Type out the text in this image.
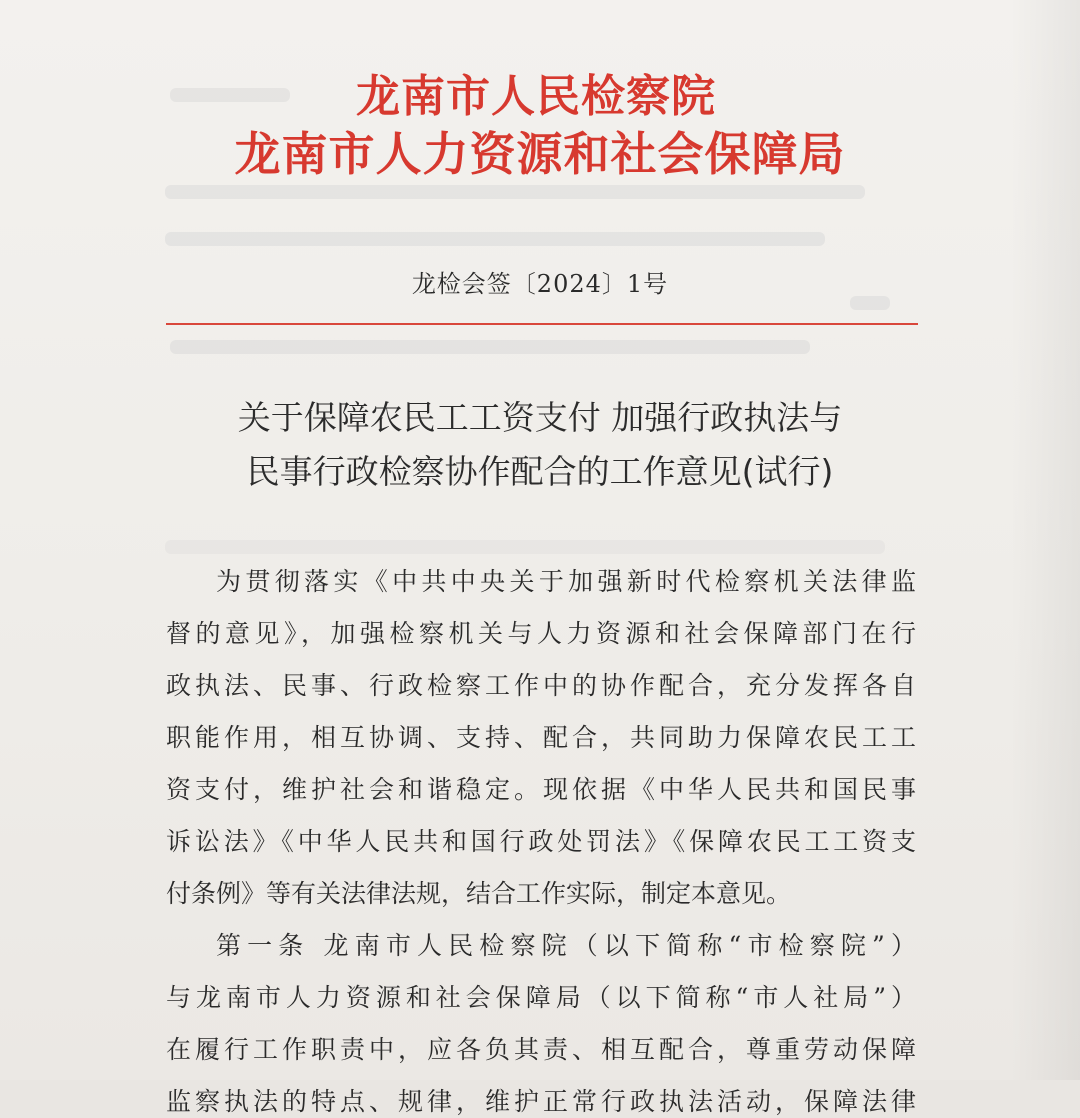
龙南市人民检察院
龙南市人力资源和社会保障局
龙检会签〔2024〕1号
关于保障农民工工资支付 加强行政执法与
民事行政检察协作配合的工作意见(试行)
为贯彻落实《中共中央关于加强新时代检察机关法律监
督的意见》，加强检察机关与人力资源和社会保障部门在行
政执法、民事、行政检察工作中的协作配合，充分发挥各自
职能作用，相互协调、支持、配合，共同助力保障农民工工
资支付，维护社会和谐稳定。现依据《中华人民共和国民事
诉讼法》《中华人民共和国行政处罚法》《保障农民工工资支
付条例》等有关法律法规，结合工作实际，制定本意见。
第一条 龙南市人民检察院（以下简称“市检察院”）
与龙南市人力资源和社会保障局（以下简称“市人社局”）
在履行工作职责中，应各负其责、相互配合，尊重劳动保障
监察执法的特点、规律，维护正常行政执法活动，保障法律
